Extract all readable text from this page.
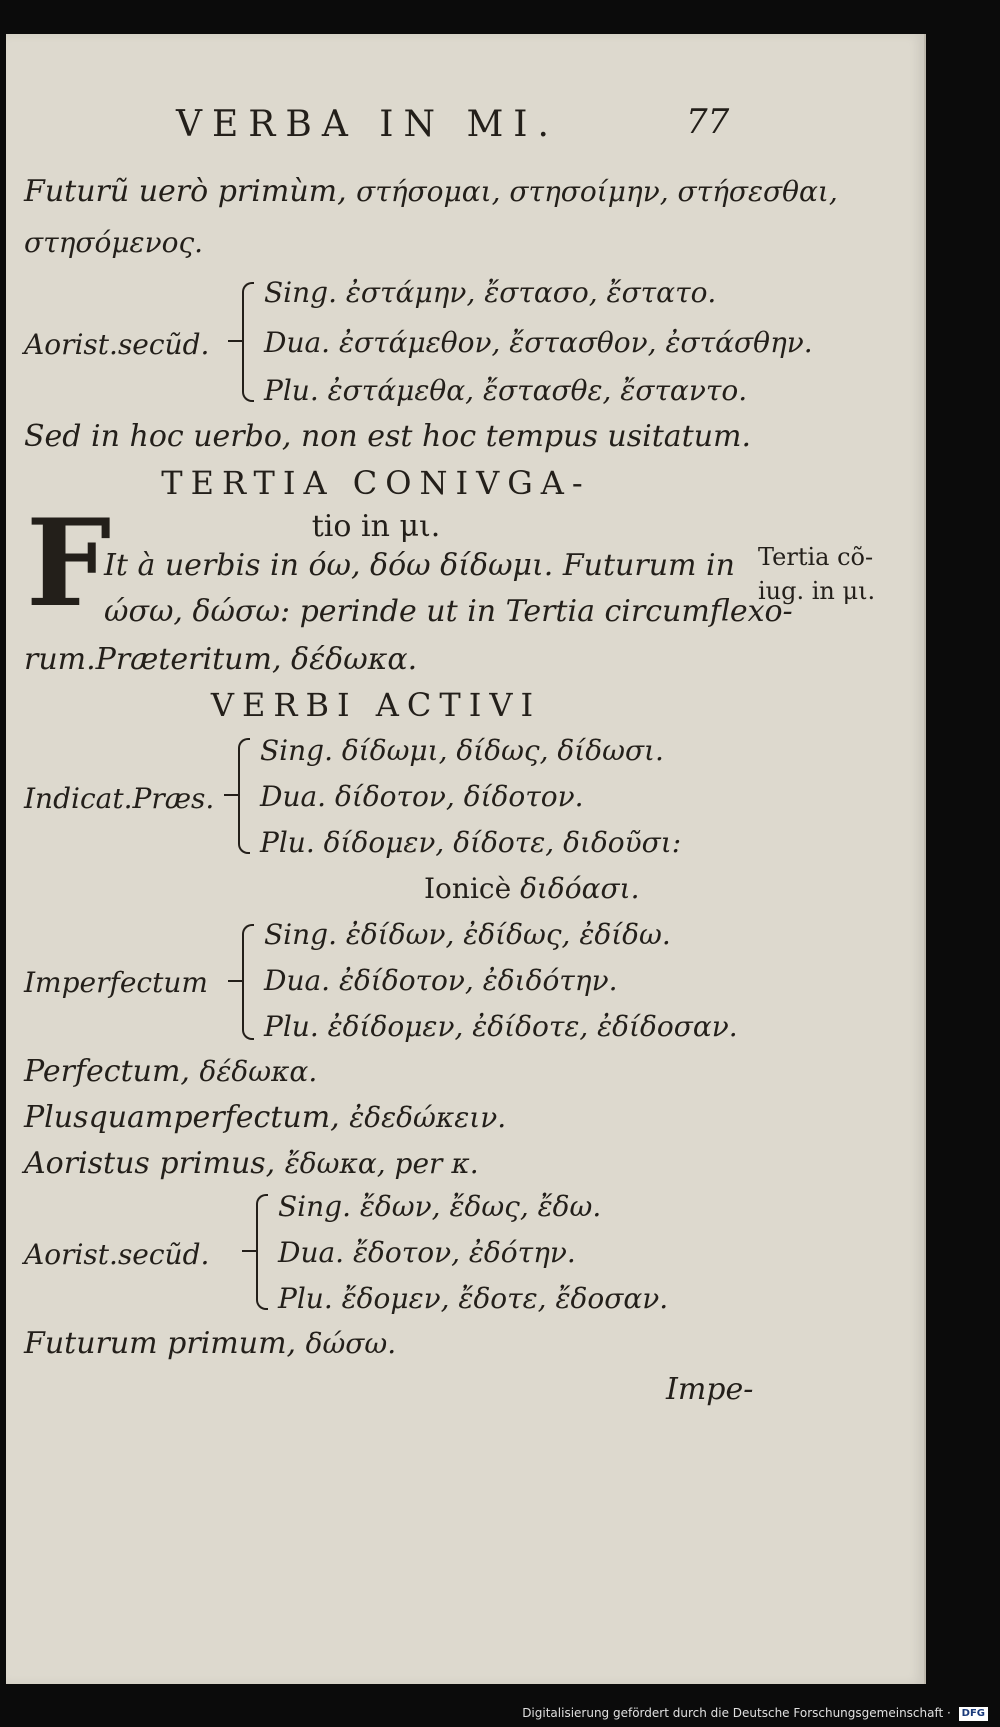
VERBA IN MI.	77
Futurũ uerò primùm, στήσομαι, στησοίμην, στήσεσθαι,
στησόμενος.
Aorist.secũd.
Sing. ἐστάμην, ἔστασο, ἔστατο.
Dua. ἐστάμεθον, ἔστασθον, ἐστάσθην.
Plu. ἐστάμεθα, ἔστασθε, ἔσταντο.
Sed in hoc uerbo, non est hoc tempus usitatum.
TERTIA CONIVGA-
tio in μι.
F
It à uerbis in όω, δόω δίδωμι. Futurum in
ώσω, δώσω: perinde ut in Tertia circumflexo-
rum.Præteritum, δέδωκα.
Tertia cõ-
iug. in μι.
VERBI ACTIVI
Indicat.Præs.
Sing. δίδωμι, δίδως, δίδωσι.
Dua. δίδοτον, δίδοτον.
Plu. δίδομεν, δίδοτε, διδοῦσι:
Ionicè διδόασι.
Imperfectum
Sing. ἐδίδων, ἐδίδως, ἐδίδω.
Dua. ἐδίδοτον, ἐδιδότην.
Plu. ἐδίδομεν, ἐδίδοτε, ἐδίδοσαν.
Perfectum, δέδωκα.
Plusquamperfectum, ἐδεδώκειν.
Aoristus primus, ἔδωκα, per κ.
Aorist.secũd.
Sing. ἔδων, ἔδως, ἔδω.
Dua. ἔδοτον, ἐδότην.
Plu. ἔδομεν, ἔδοτε, ἔδοσαν.
Futurum primum, δώσω.
Impe-
Digitalisierung gefördert durch die Deutsche Forschungsgemeinschaft · DFG
